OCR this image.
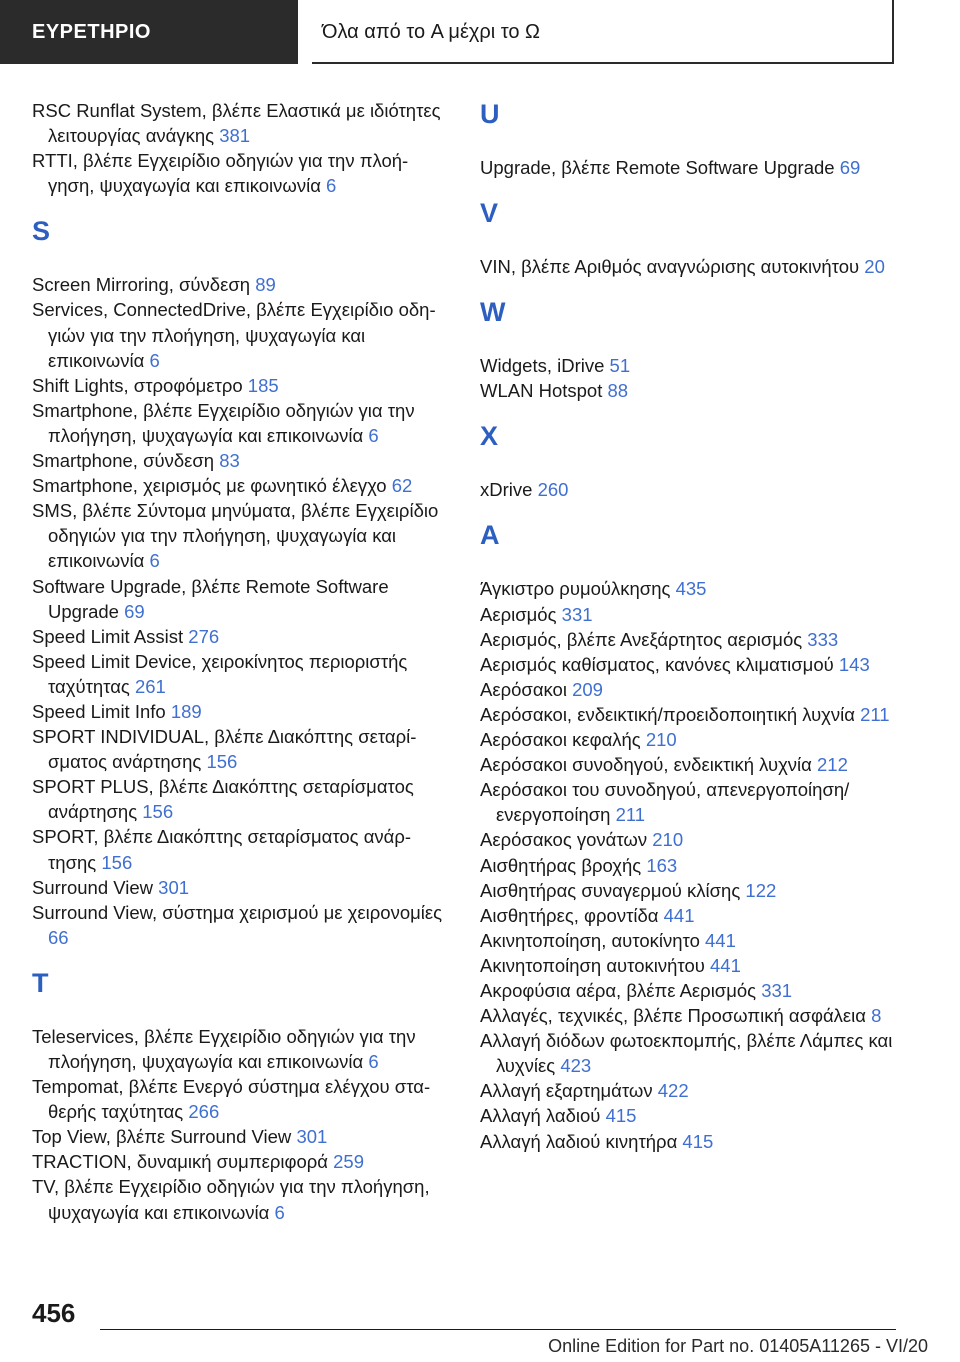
ΕΥΡΕΤΗΡΙΟ	Όλα από το A μέχρι το Ω
RSC Runflat System, βλέπε Ελαστικά με ιδιότητες λειτουργίας ανάγκης 381
RTTI, βλέπε Εγχειρίδιο οδηγιών για την πλοήγηση, ψυχαγωγία και επικοινωνία 6
S
Screen Mirroring, σύνδεση 89
Services, ConnectedDrive, βλέπε Εγχειρίδιο οδηγιών για την πλοήγηση, ψυχαγωγία και επικοινωνία 6
Shift Lights, στροφόμετρο 185
Smartphone, βλέπε Εγχειρίδιο οδηγιών για την πλοήγηση, ψυχαγωγία και επικοινωνία 6
Smartphone, σύνδεση 83
Smartphone, χειρισμός με φωνητικό έλεγχο 62
SMS, βλέπε Σύντομα μηνύματα, βλέπε Εγχειρίδιο οδηγιών για την πλοήγηση, ψυχαγωγία και επικοινωνία 6
Software Upgrade, βλέπε Remote Software Upgrade 69
Speed Limit Assist 276
Speed Limit Device, χειροκίνητος περιοριστής ταχύτητας 261
Speed Limit Info 189
SPORT INDIVIDUAL, βλέπε Διακόπτης σεταρίσματος ανάρτησης 156
SPORT PLUS, βλέπε Διακόπτης σεταρίσματος ανάρτησης 156
SPORT, βλέπε Διακόπτης σεταρίσματος ανάρτησης 156
Surround View 301
Surround View, σύστημα χειρισμού με χειρονομίες 66
T
Teleservices, βλέπε Εγχειρίδιο οδηγιών για την πλοήγηση, ψυχαγωγία και επικοινωνία 6
Tempomat, βλέπε Ενεργό σύστημα ελέγχου σταθερής ταχύτητας 266
Top View, βλέπε Surround View 301
TRACTION, δυναμική συμπεριφορά 259
TV, βλέπε Εγχειρίδιο οδηγιών για την πλοήγηση, ψυχαγωγία και επικοινωνία 6
U
Upgrade, βλέπε Remote Software Upgrade 69
V
VIN, βλέπε Αριθμός αναγνώρισης αυτοκινήτου 20
W
Widgets, iDrive 51
WLAN Hotspot 88
X
xDrive 260
A
Άγκιστρο ρυμούλκησης 435
Αερισμός 331
Αερισμός, βλέπε Ανεξάρτητος αερισμός 333
Αερισμός καθίσματος, κανόνες κλιματισμού 143
Αερόσακοι 209
Αερόσακοι, ενδεικτική/προειδοποιητική λυχνία 211
Αερόσακοι κεφαλής 210
Αερόσακοι συνοδηγού, ενδεικτική λυχνία 212
Αερόσακοι του συνοδηγού, απενεργοποίηση/ ενεργοποίηση 211
Αερόσακος γονάτων 210
Αισθητήρας βροχής 163
Αισθητήρας συναγερμού κλίσης 122
Αισθητήρες, φροντίδα 441
Ακινητοποίηση, αυτοκίνητο 441
Ακινητοποίηση αυτοκινήτου 441
Ακροφύσια αέρα, βλέπε Αερισμός 331
Αλλαγές, τεχνικές, βλέπε Προσωπική ασφάλεια 8
Αλλαγή διόδων φωτοεκπομπής, βλέπε Λάμπες και λυχνίες 423
Αλλαγή εξαρτημάτων 422
Αλλαγή λαδιού 415
Αλλαγή λαδιού κινητήρα 415
456
Online Edition for Part no. 01405A11265 - VI/20
